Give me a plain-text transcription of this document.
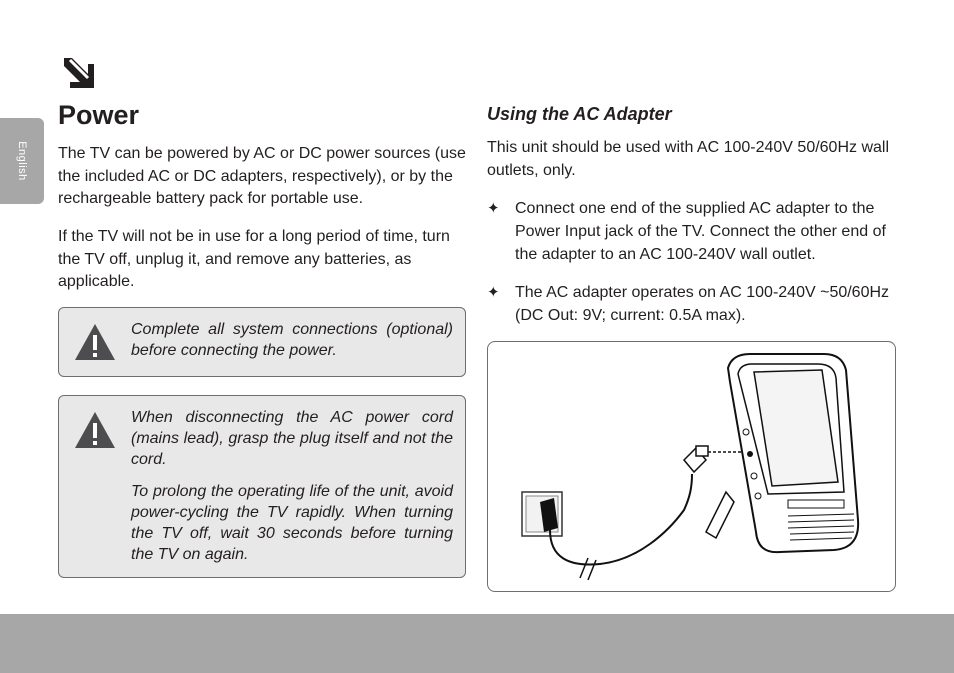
English
Power

The TV can be powered by AC or DC power sources (use the included AC or DC adapters, respectively), or by the rechargeable battery pack for portable use.

If the TV will not be in use for a long period of time, turn the TV off, unplug it, and remove any batteries, as applicable.

Complete all system connections (optional) before connecting the power.

When disconnecting the AC power cord (mains lead), grasp the plug itself and not the cord.

To prolong the operating life of the unit, avoid power-cycling the TV rapidly. When turning the TV off, wait 30 seconds before turning the TV on again.

Using the AC Adapter

This unit should be used with AC 100-240V 50/60Hz wall outlets, only.

✦ Connect one end of the supplied AC adapter to the Power Input jack of the TV. Connect the other end of the adapter to an AC 100-240V wall outlet.

✦ The AC adapter operates on AC 100-240V ~50/60Hz (DC Out: 9V; current: 0.5A max).
